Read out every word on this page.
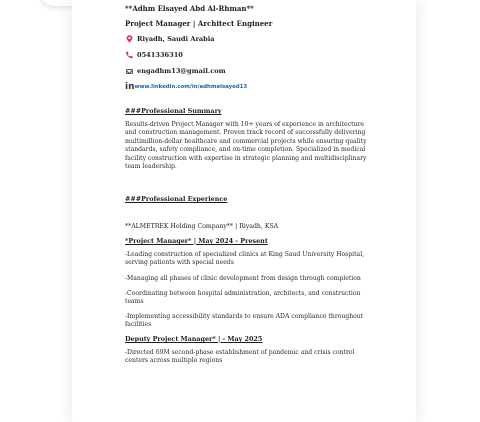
**Adhm Elsayed Abd Al-Rhman**
Project Manager | Architect Engineer
Riyadh, Saudi Arabia
0541336310
engadhm13@gmail.com
in www.linkedin.com/in/adhmelsayed13
###Professional Summary
Results-driven Project Manager with 10+ years of experience in architecture and construction management. Proven track record of successfully delivering multimillion-dollar healthcare and commercial projects while ensuring quality standards, safety compliance, and on-time completion. Specialized in medical facility construction with expertise in strategic planning and multidisciplinary team leadership.
###Professional Experience
**ALMETREK Holding Company** | Riyadh, KSA
*Project Manager* | May 2024 - Present
-Leading construction of specialized clinics at King Saud University Hospital, serving patients with special needs
-Managing all phases of clinic development from design through completion
-Coordinating between hospital administration, architects, and construction teams
-Implementing accessibility standards to ensure ADA compliance throughout facilities
Deputy Project Manager* | - May 2025
-Directed 69M second-phase establishment of pandemic and crisis control centers across multiple regions
